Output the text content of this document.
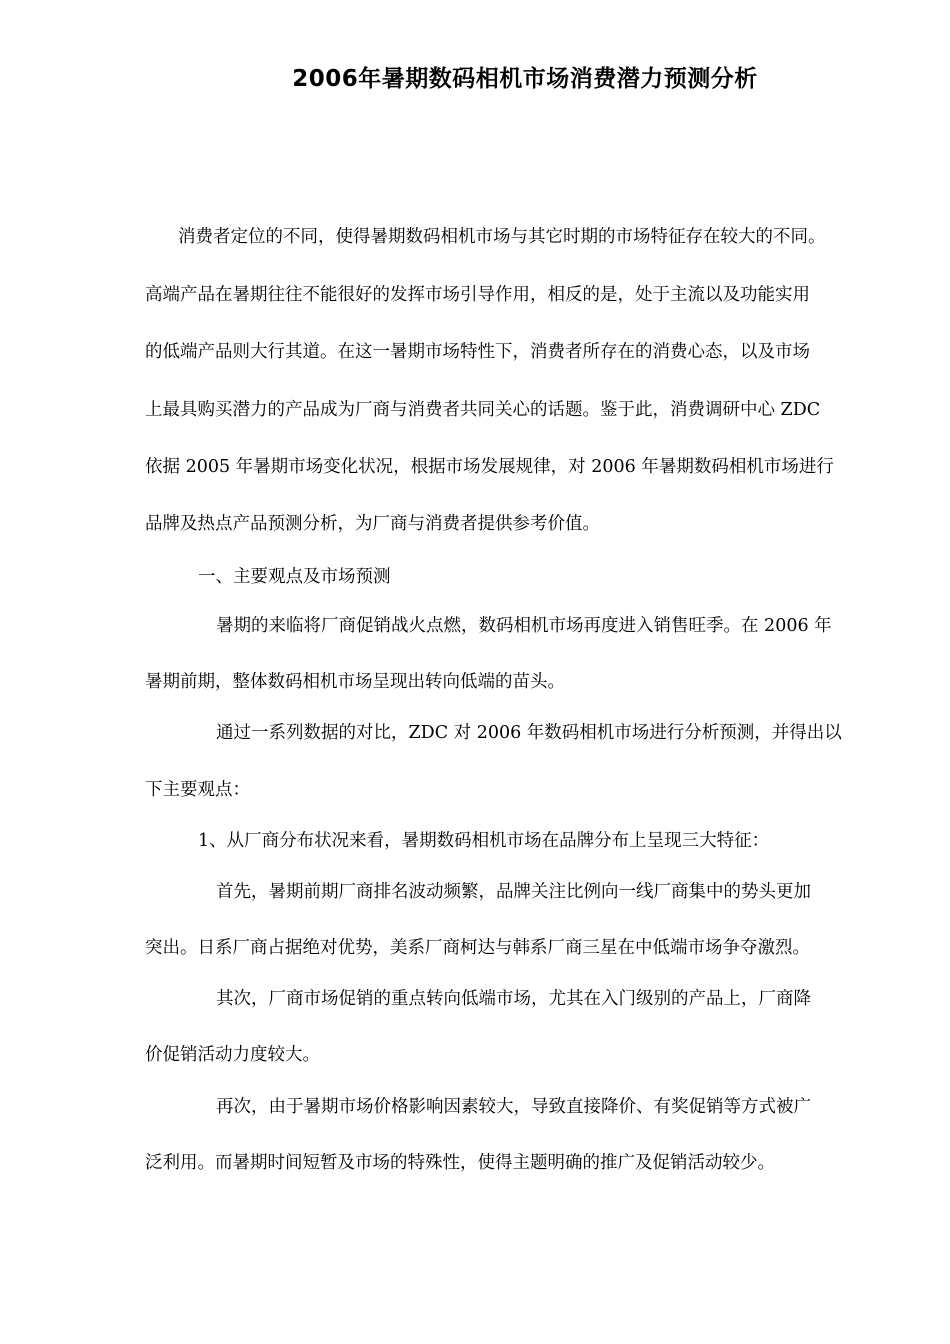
2006年暑期数码相机市场消费潜力预测分析
消费者定位的不同，使得暑期数码相机市场与其它时期的市场特征存在较大的不同。
高端产品在暑期往往不能很好的发挥市场引导作用，相反的是，处于主流以及功能实用
的低端产品则大行其道。在这一暑期市场特性下，消费者所存在的消费心态，以及市场
上最具购买潜力的产品成为厂商与消费者共同关心的话题。鉴于此，消费调研中心 ZDC
依据 2005 年暑期市场变化状况，根据市场发展规律，对 2006 年暑期数码相机市场进行
品牌及热点产品预测分析，为厂商与消费者提供参考价值。
一、主要观点及市场预测
暑期的来临将厂商促销战火点燃，数码相机市场再度进入销售旺季。在 2006 年
暑期前期，整体数码相机市场呈现出转向低端的苗头。
通过一系列数据的对比，ZDC 对 2006 年数码相机市场进行分析预测，并得出以
下主要观点：
1、从厂商分布状况来看，暑期数码相机市场在品牌分布上呈现三大特征：
首先，暑期前期厂商排名波动频繁，品牌关注比例向一线厂商集中的势头更加
突出。日系厂商占据绝对优势，美系厂商柯达与韩系厂商三星在中低端市场争夺激烈。
其次，厂商市场促销的重点转向低端市场，尤其在入门级别的产品上，厂商降
价促销活动力度较大。
再次，由于暑期市场价格影响因素较大，导致直接降价、有奖促销等方式被广
泛利用。而暑期时间短暂及市场的特殊性，使得主题明确的推广及促销活动较少。
